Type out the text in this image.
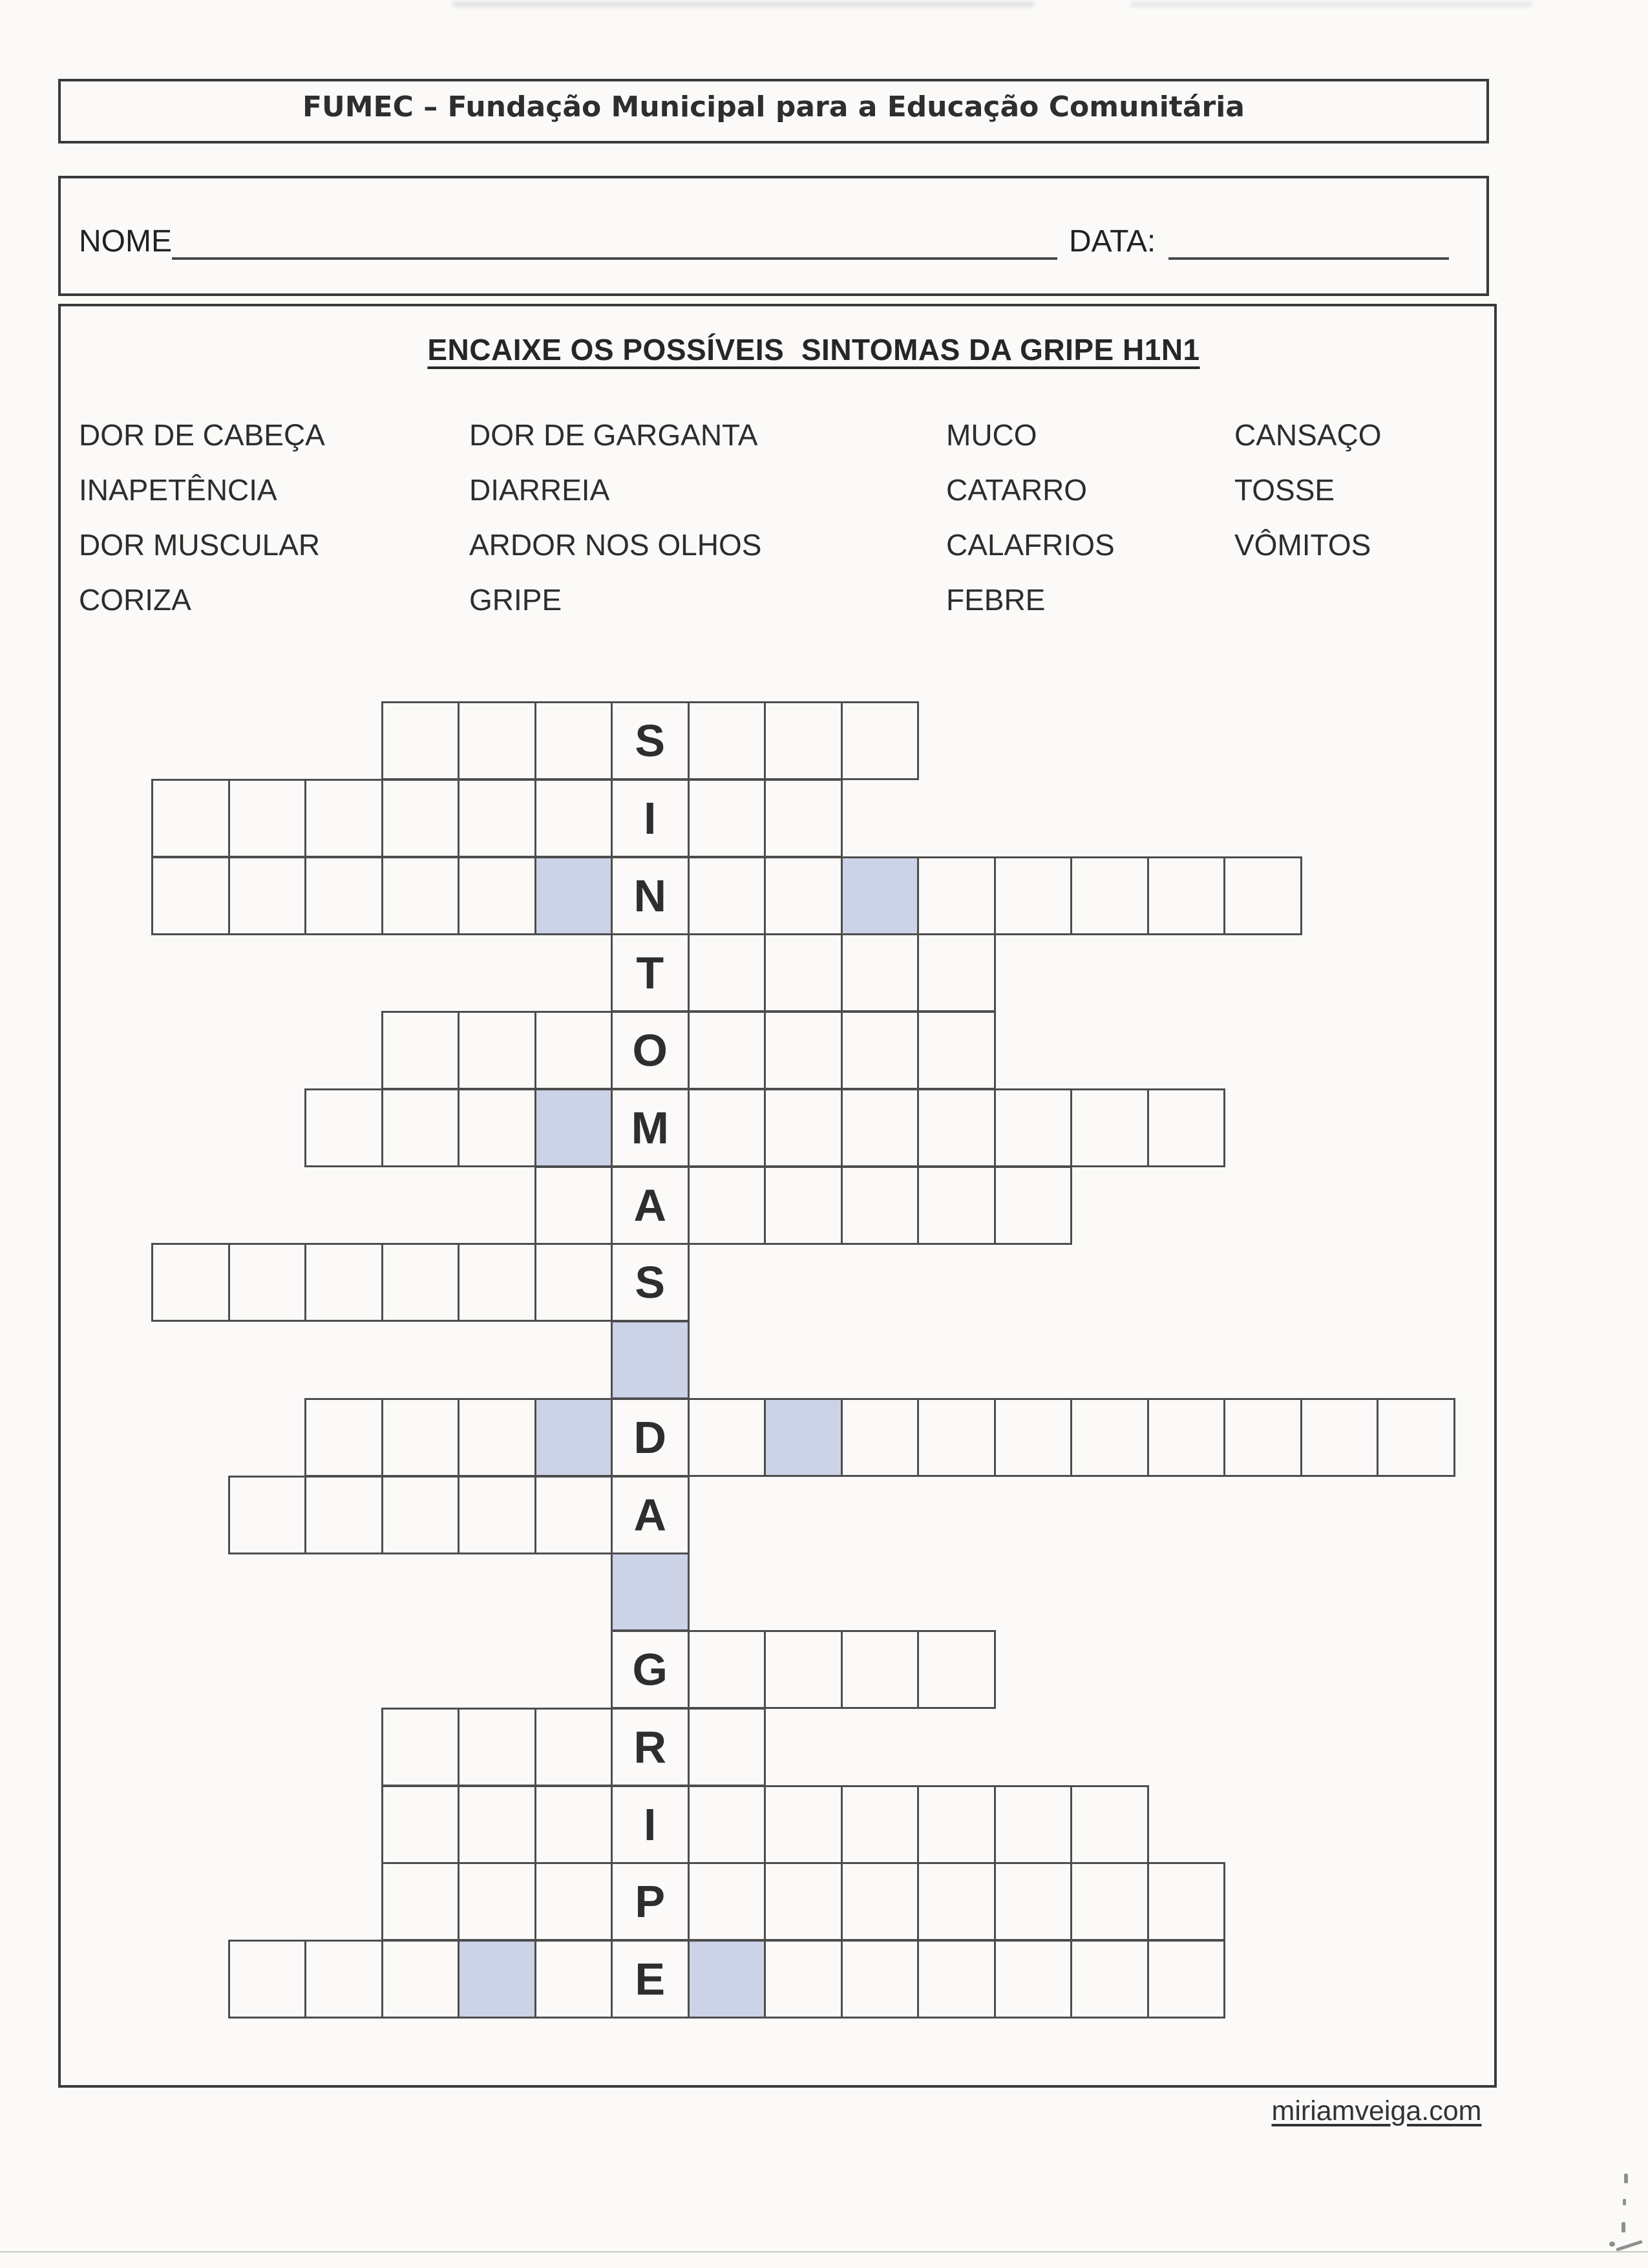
FUMEC – Fundação Municipal para a Educação Comunitária
NOME	DATA:
ENCAIXE OS POSSÍVEIS  SINTOMAS DA GRIPE H1N1
DOR DE CABEÇA
INAPETÊNCIA
DOR MUSCULAR
CORIZA
DOR DE GARGANTA
DIARREIA
ARDOR NOS OLHOS
GRIPE
MUCO
CATARRO
CALAFRIOS
FEBRE
CANSAÇO
TOSSE
VÔMITOS
S
I
N
T
O
M
A
S
D
A
G
R
I
P
E
miriamveiga.com
